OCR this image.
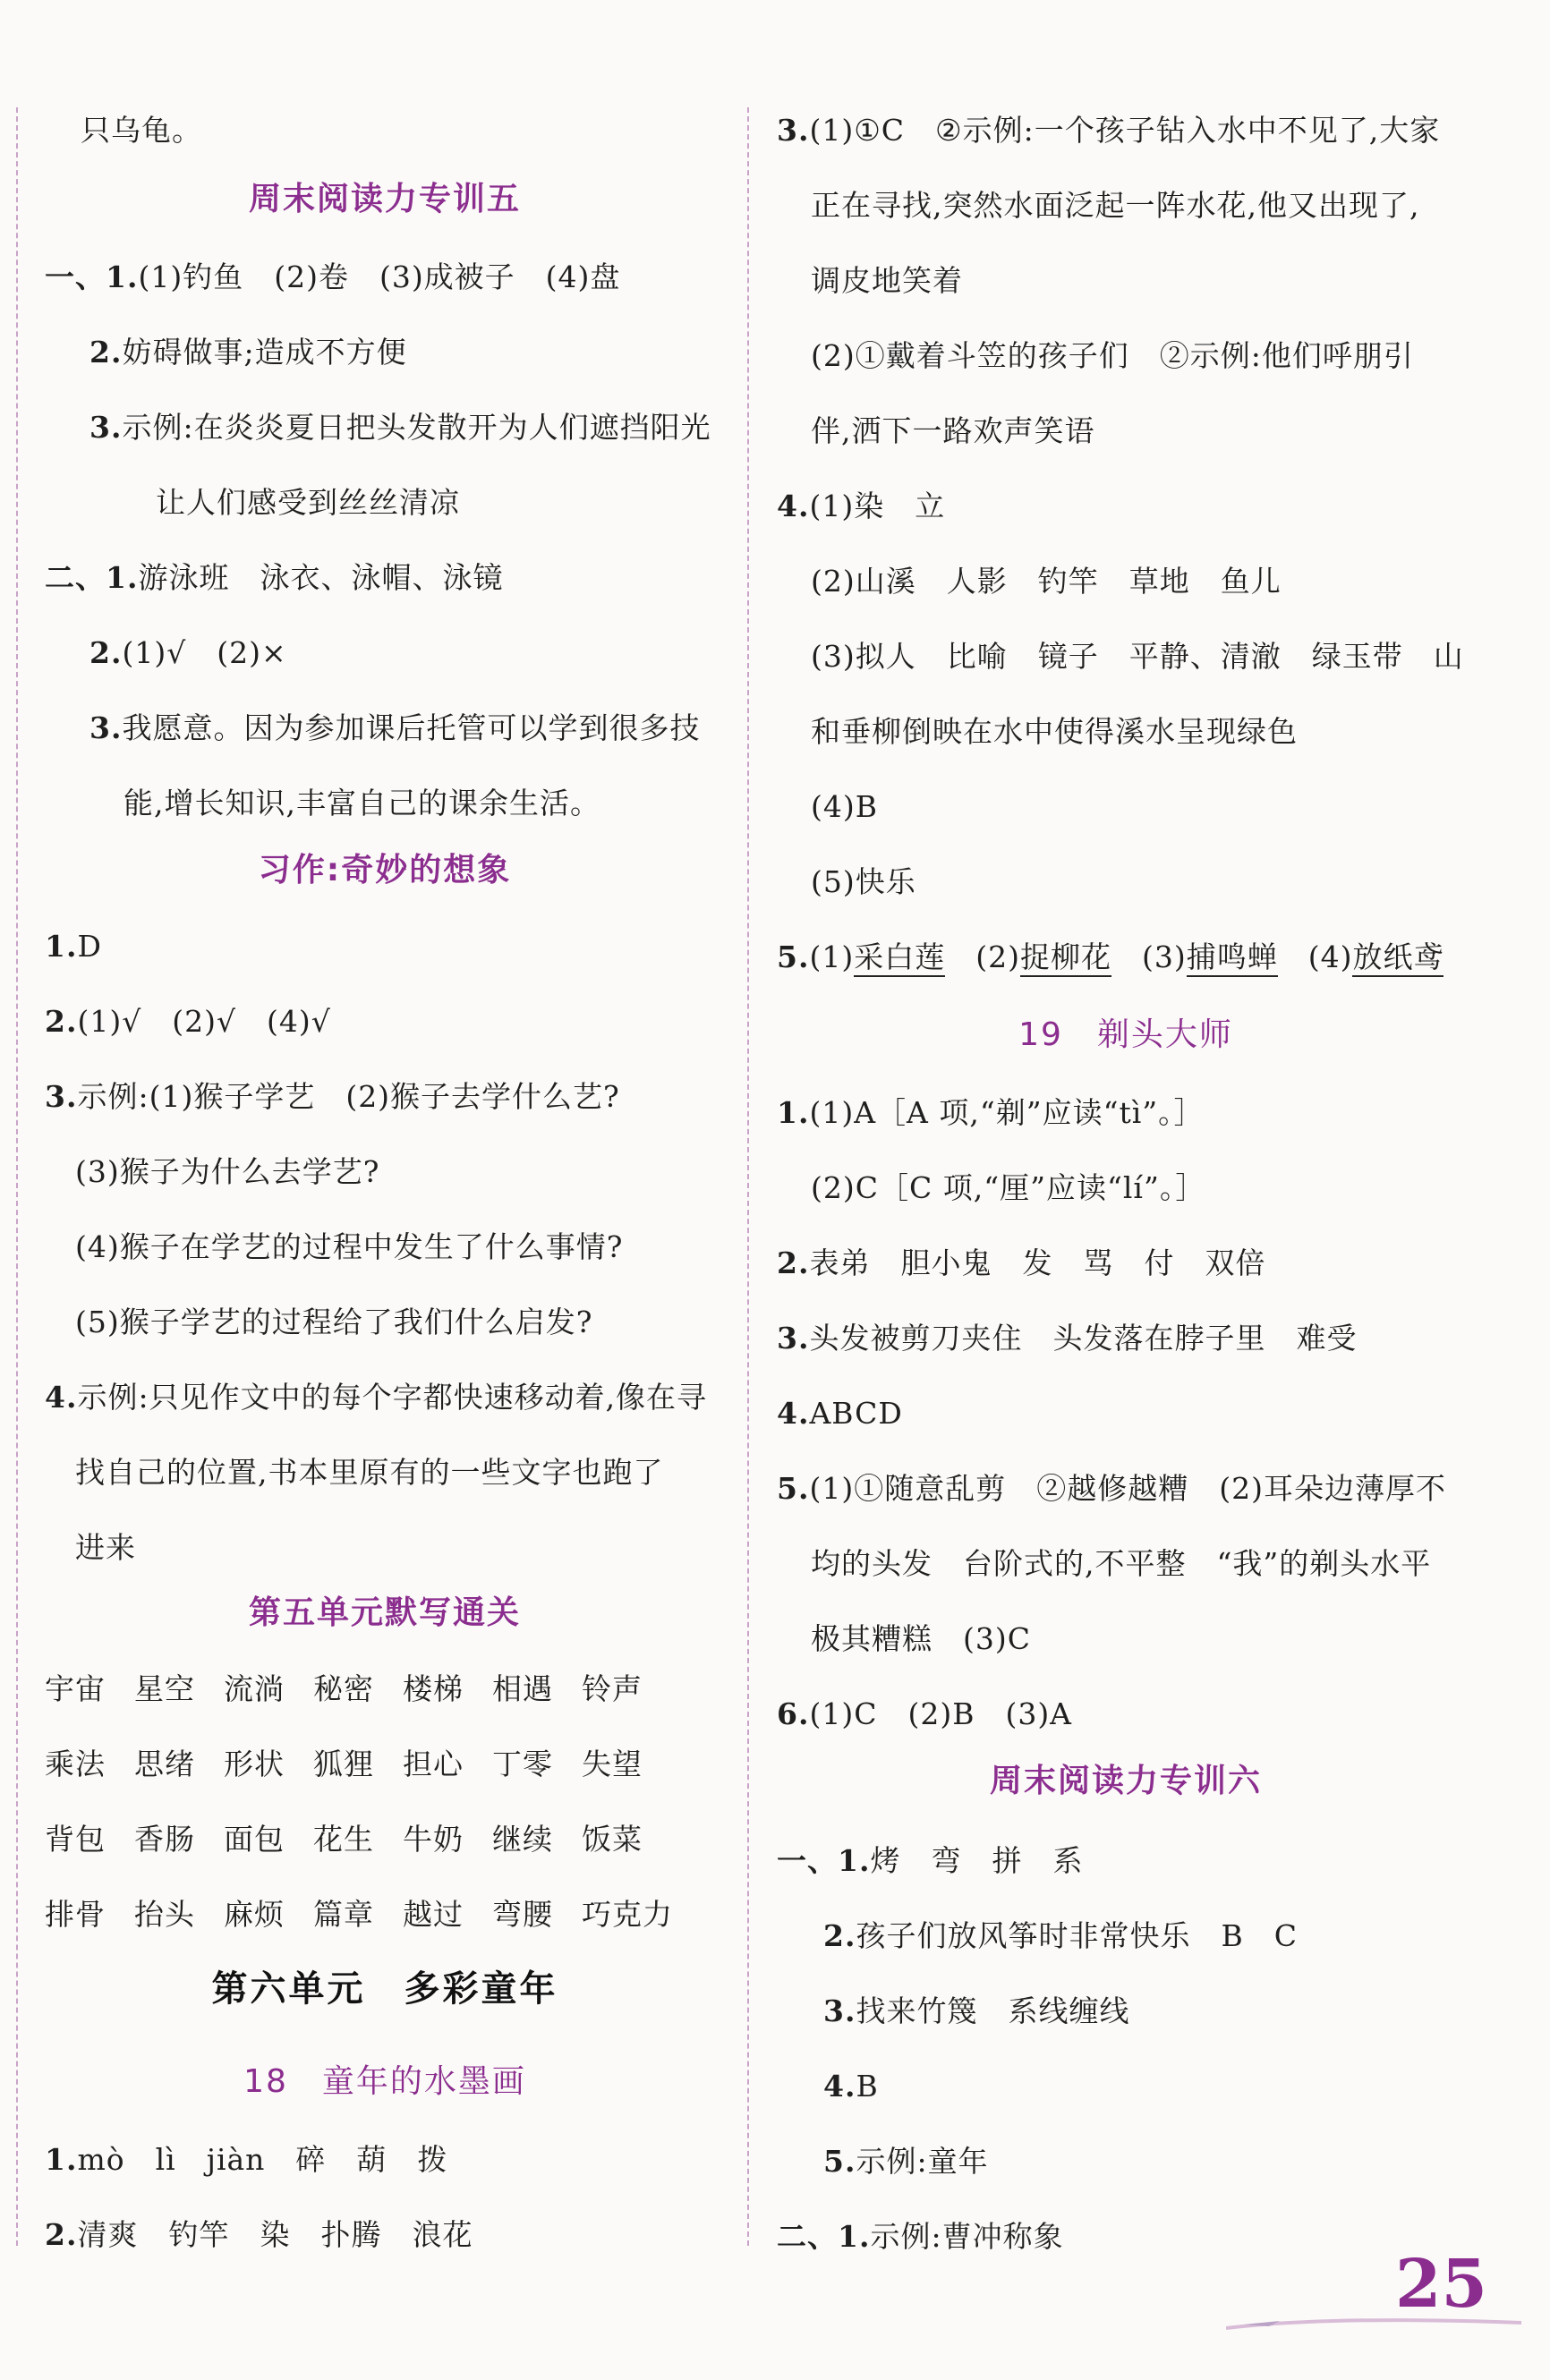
只乌龟。
周末阅读力专训五
一、1.(1)钓鱼　(2)卷　(3)成被子　(4)盘
2.妨碍做事;造成不方便
3.示例:在炎炎夏日把头发散开为人们遮挡阳光
让人们感受到丝丝清凉
二、1.游泳班　泳衣、泳帽、泳镜
2.(1)√　(2)×
3.我愿意。因为参加课后托管可以学到很多技
能,增长知识,丰富自己的课余生活。
习作:奇妙的想象
1.D
2.(1)√　(2)√　(4)√
3.示例:(1)猴子学艺　(2)猴子去学什么艺?
(3)猴子为什么去学艺?
(4)猴子在学艺的过程中发生了什么事情?
(5)猴子学艺的过程给了我们什么启发?
4.示例:只见作文中的每个字都快速移动着,像在寻
找自己的位置,书本里原有的一些文字也跑了
进来
第五单元默写通关
宇宙 星空 流淌 秘密 楼梯 相遇 铃声
乘法 思绪 形状 狐狸 担心 丁零 失望
背包 香肠 面包 花生 牛奶 继续 饭菜
排骨 抬头 麻烦 篇章 越过 弯腰 巧克力
第六单元　多彩童年
18　童年的水墨画
1.mò　lì　jiàn　碎　葫　拨
2.清爽　钓竿　染　扑腾　浪花
3.(1)①C　②示例:一个孩子钻入水中不见了,大家
正在寻找,突然水面泛起一阵水花,他又出现了,
调皮地笑着
(2)①戴着斗笠的孩子们　②示例:他们呼朋引
伴,洒下一路欢声笑语
4.(1)染　立
(2)山溪　人影　钓竿　草地　鱼儿
(3)拟人　比喻　镜子　平静、清澈　绿玉带　山
和垂柳倒映在水中使得溪水呈现绿色
(4)B
(5)快乐
5.(1)采白莲　(2)捉柳花　(3)捕鸣蝉　(4)放纸鸢
19　剃头大师
1.(1)A［A 项,“剃”应读“tì”。］
(2)C［C 项,“厘”应读“lí”。］
2.表弟　胆小鬼　发　骂　付　双倍
3.头发被剪刀夹住　头发落在脖子里　难受
4.ABCD
5.(1)①随意乱剪　②越修越糟　(2)耳朵边薄厚不
均的头发　台阶式的,不平整　“我”的剃头水平
极其糟糕　(3)C
6.(1)C　(2)B　(3)A
周末阅读力专训六
一、1.烤　弯　拼　系
2.孩子们放风筝时非常快乐　B　C
3.找来竹篾　系线缠线
4.B
5.示例:童年
二、1.示例:曹冲称象
25
